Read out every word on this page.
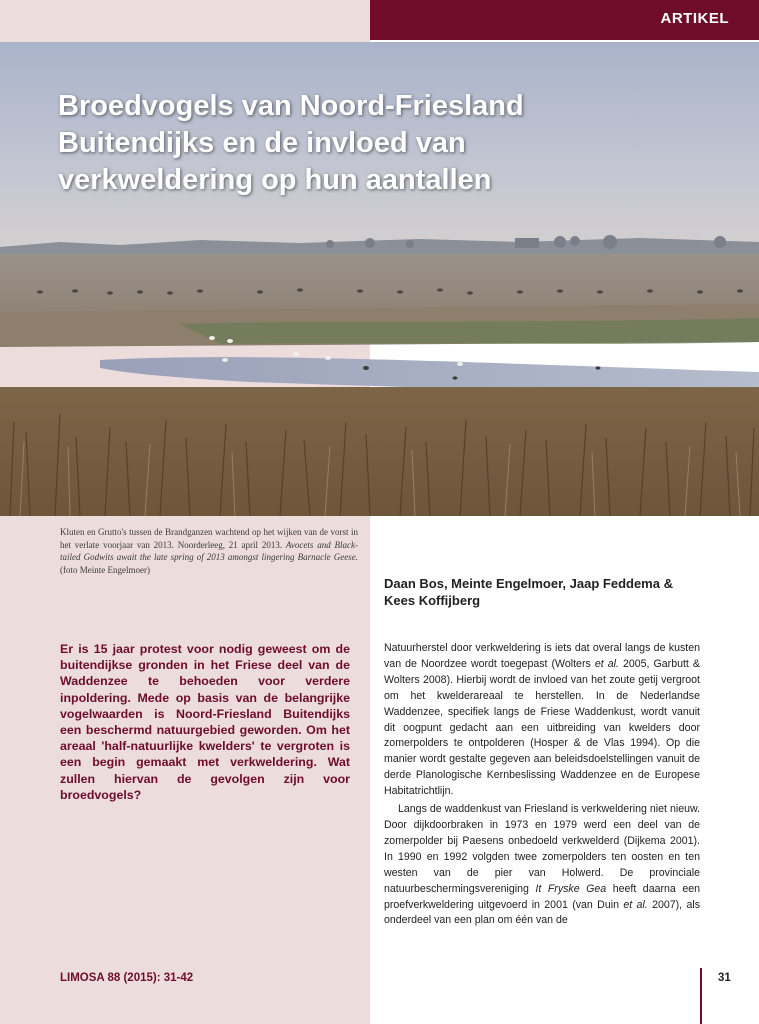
ARTIKEL
Broedvogels van Noord-Friesland
Buitendijks en de invloed van
verkweldering op hun aantallen
Kluten en Grutto's tussen de Brandganzen wachtend op het wijken van de vorst in het verlate voorjaar van 2013. Noorderleeg, 21 april 2013. Avocets and Black-tailed Godwits await the late spring of 2013 amongst lingering Barnacle Geese. (foto Meinte Engelmoer)
Daan Bos, Meinte Engelmoer, Jaap Feddema & Kees Koffijberg
Er is 15 jaar protest voor nodig geweest om de buitendijkse gronden in het Friese deel van de Waddenzee te behoeden voor verdere inpoldering. Mede op basis van de belangrijke vogelwaarden is Noord-Friesland Buitendijks een beschermd natuurgebied geworden. Om het areaal 'half-natuurlijke kwelders' te vergroten is een begin gemaakt met verkweldering. Wat zullen hiervan de gevolgen zijn voor broedvogels?

Natuurherstel door verkweldering is iets dat overal langs de kusten van de Noordzee wordt toegepast (Wolters et al. 2005, Garbutt & Wolters 2008). Hierbij wordt de invloed van het zoute getij vergroot om het kwelderareaal te herstellen. In de Nederlandse Waddenzee, specifiek langs de Friese Waddenkust, wordt vanuit dit oogpunt gedacht aan een uitbreiding van kwelders door zomerpolders te ontpolderen (Hosper & de Vlas 1994). Op die manier wordt gestalte gegeven aan beleidsdoelstellingen vanuit de derde Planologische Kernbeslissing Waddenzee en de Europese Habitatrichtlijn.

Langs de waddenkust van Friesland is verkweldering niet nieuw. Door dijkdoorbraken in 1973 en 1979 werd een deel van de zomerpolder bij Paesens onbedoeld verkwelderd (Dijkema 2001). In 1990 en 1992 volgden twee zomerpolders ten oosten en ten westen van de pier van Holwerd. De provinciale natuurbeschermingsvereniging It Fryske Gea heeft daarna een proefverkweldering uitgevoerd in 2001 (van Duin et al. 2007), als onderdeel van een plan om één van de

LIMOSA 88 (2015): 31-42	31
